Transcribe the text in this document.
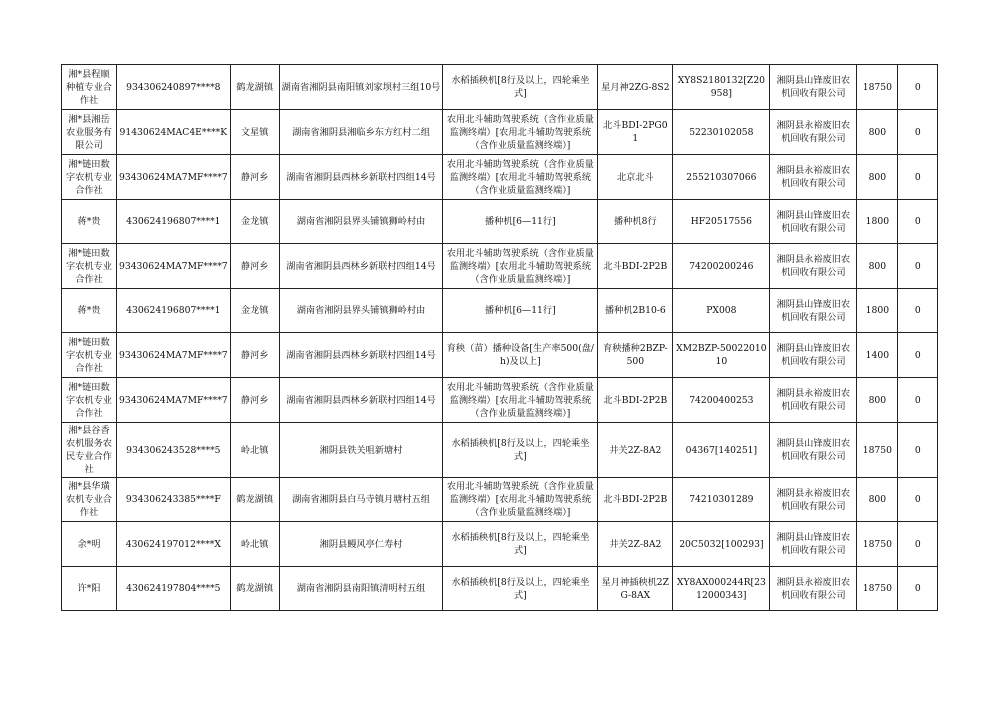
湘*县程顺种植专业合作社	934306240897****8	鹤龙湖镇	湖南省湘阴县南阳镇刘家坝村三组10号	水稻插秧机[8行及以上，四轮乘坐式]	星月神2ZG-8S2	XY8S2180132[Z20958]	湘阴县山锋废旧农机回收有限公司	18750	0
湘*县湘岳农业服务有限公司	91430624MAC4E****K	文星镇	湖南省湘阴县湘临乡东方红村二组	农用北斗辅助驾驶系统（含作业质量监测终端）[农用北斗辅助驾驶系统（含作业质量监测终端）]	北斗BDI-2PG01	52230102058	湘阴县永裕废旧农机回收有限公司	800	0
湘*链田数字农机专业合作社	93430624MA7MF****7	静河乡	湖南省湘阴县西林乡新联村四组14号	农用北斗辅助驾驶系统（含作业质量监测终端）[农用北斗辅助驾驶系统（含作业质量监测终端）]	北京北斗	255210307066	湘阴县永裕废旧农机回收有限公司	800	0
蒋*贵	430624196807****1	金龙镇	湖南省湘阴县界头铺镇狮岭村由	播种机[6—11行]	播种机8行	HF20517556	湘阴县山锋废旧农机回收有限公司	1800	0
湘*链田数字农机专业合作社	93430624MA7MF****7	静河乡	湖南省湘阴县西林乡新联村四组14号	农用北斗辅助驾驶系统（含作业质量监测终端）[农用北斗辅助驾驶系统（含作业质量监测终端）]	北斗BDI-2P2B	74200200246	湘阴县永裕废旧农机回收有限公司	800	0
蒋*贵	430624196807****1	金龙镇	湖南省湘阴县界头铺镇狮岭村由	播种机[6—11行]	播种机2B10-6	PX008	湘阴县山锋废旧农机回收有限公司	1800	0
湘*链田数字农机专业合作社	93430624MA7MF****7	静河乡	湖南省湘阴县西林乡新联村四组14号	育秧（苗）播种设备[生产率500(盘/h)及以上]	育秧播种2BZP-500	XM2BZP-5002201010	湘阴县山锋废旧农机回收有限公司	1400	0
湘*链田数字农机专业合作社	93430624MA7MF****7	静河乡	湖南省湘阴县西林乡新联村四组14号	农用北斗辅助驾驶系统（含作业质量监测终端）[农用北斗辅助驾驶系统（含作业质量监测终端）]	北斗BDI-2P2B	74200400253	湘阴县永裕废旧农机回收有限公司	800	0
湘*县谷香农机服务农民专业合作社	934306243528****5	岭北镇	湘阴县铁关咀新塘村	水稻插秧机[8行及以上，四轮乘坐式]	井关2Z-8A2	04367[140251]	湘阴县山锋废旧农机回收有限公司	18750	0
湘*县华璜农机专业合作社	934306243385****F	鹤龙湖镇	湖南省湘阴县白马寺镇月塘村五组	农用北斗辅助驾驶系统（含作业质量监测终端）[农用北斗辅助驾驶系统（含作业质量监测终端）]	北斗BDI-2P2B	74210301289	湘阴县永裕废旧农机回收有限公司	800	0
余*明	430624197012****X	岭北镇	湘阴县鳗风亭仁寿村	水稻插秧机[8行及以上，四轮乘坐式]	井关2Z-8A2	20C5032[100293]	湘阴县山锋废旧农机回收有限公司	18750	0
许*阳	430624197804****5	鹤龙湖镇	湖南省湘阴县南阳镇清明村五组	水稻插秧机[8行及以上，四轮乘坐式]	星月神插秧机2ZG-8AX	XY8AX000244R[2312000343]	湘阴县永裕废旧农机回收有限公司	18750	0
